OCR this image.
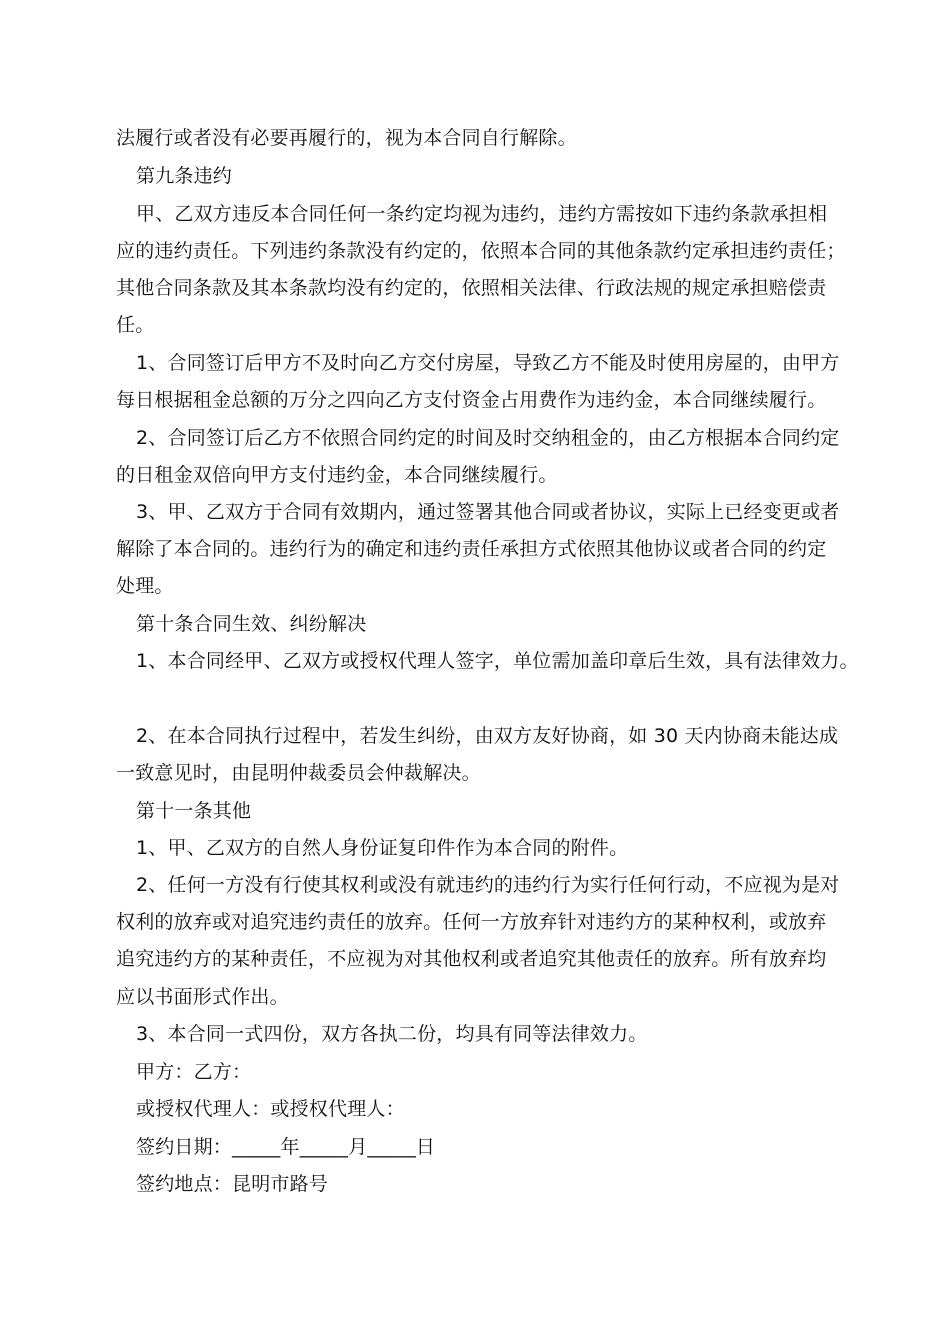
法履行或者没有必要再履行的，视为本合同自行解除。
第九条违约
甲、乙双方违反本合同任何一条约定均视为违约，违约方需按如下违约条款承担相
应的违约责任。下列违约条款没有约定的，依照本合同的其他条款约定承担违约责任；
其他合同条款及其本条款均没有约定的，依照相关法律、行政法规的规定承担赔偿责
任。
1、合同签订后甲方不及时向乙方交付房屋，导致乙方不能及时使用房屋的，由甲方
每日根据租金总额的万分之四向乙方支付资金占用费作为违约金，本合同继续履行。
2、合同签订后乙方不依照合同约定的时间及时交纳租金的，由乙方根据本合同约定
的日租金双倍向甲方支付违约金，本合同继续履行。
3、甲、乙双方于合同有效期内，通过签署其他合同或者协议，实际上已经变更或者
解除了本合同的。违约行为的确定和违约责任承担方式依照其他协议或者合同的约定
处理。
第十条合同生效、纠纷解决
1、本合同经甲、乙双方或授权代理人签字，单位需加盖印章后生效，具有法律效力。
2、在本合同执行过程中，若发生纠纷，由双方友好协商，如 30 天内协商未能达成
一致意见时，由昆明仲裁委员会仲裁解决。
第十一条其他
1、甲、乙双方的自然人身份证复印件作为本合同的附件。
2、任何一方没有行使其权利或没有就违约的违约行为实行任何行动，不应视为是对
权利的放弃或对追究违约责任的放弃。任何一方放弃针对违约方的某种权利，或放弃
追究违约方的某种责任，不应视为对其他权利或者追究其他责任的放弃。所有放弃均
应以书面形式作出。
3、本合同一式四份，双方各执二份，均具有同等法律效力。
甲方：乙方：
或授权代理人：或授权代理人：
签约日期：_____年_____月_____日
签约地点：昆明市路号
